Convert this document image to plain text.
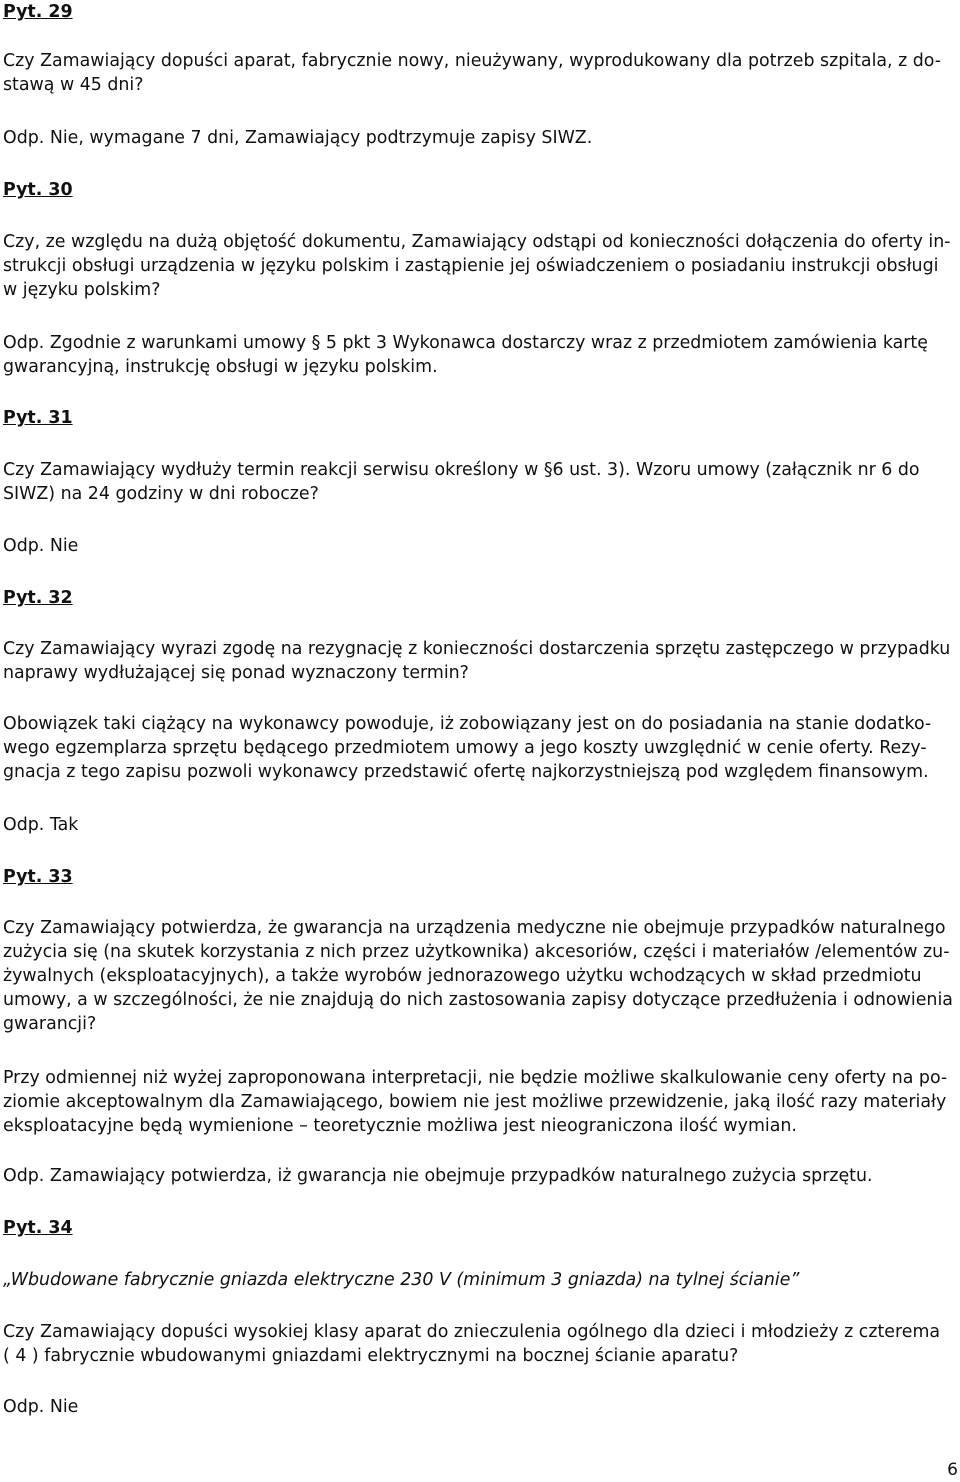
Pyt. 29
Czy Zamawiający dopuści aparat, fabrycznie nowy, nieużywany, wyprodukowany dla potrzeb szpitala, z do-
stawą w 45 dni?
Odp. Nie, wymagane 7 dni, Zamawiający podtrzymuje zapisy SIWZ.
Pyt. 30
Czy, ze względu na dużą objętość dokumentu, Zamawiający odstąpi od konieczności dołączenia do oferty in-
strukcji obsługi urządzenia w języku polskim i zastąpienie jej oświadczeniem o posiadaniu instrukcji obsługi
w języku polskim?
Odp. Zgodnie z warunkami umowy § 5 pkt 3 Wykonawca dostarczy wraz z przedmiotem zamówienia kartę
gwarancyjną, instrukcję obsługi w języku polskim.
Pyt. 31
Czy Zamawiający wydłuży termin reakcji serwisu określony w §6 ust. 3). Wzoru umowy (załącznik nr 6 do
SIWZ) na 24 godziny w dni robocze?
Odp. Nie
Pyt. 32
Czy Zamawiający wyrazi zgodę na rezygnację z konieczności dostarczenia sprzętu zastępczego w przypadku
naprawy wydłużającej się ponad wyznaczony termin?
Obowiązek taki ciążący na wykonawcy powoduje, iż zobowiązany jest on do posiadania na stanie dodatko-
wego egzemplarza sprzętu będącego przedmiotem umowy a jego koszty uwzględnić w cenie oferty. Rezy-
gnacja z tego zapisu pozwoli wykonawcy przedstawić ofertę najkorzystniejszą pod względem finansowym.
Odp. Tak
Pyt. 33
Czy Zamawiający potwierdza, że gwarancja na urządzenia medyczne nie obejmuje przypadków naturalnego
zużycia się (na skutek korzystania z nich przez użytkownika) akcesoriów, części i materiałów /elementów zu-
żywalnych (eksploatacyjnych), a także wyrobów jednorazowego użytku wchodzących w skład przedmiotu
umowy, a w szczególności, że nie znajdują do nich zastosowania zapisy dotyczące przedłużenia i odnowienia
gwarancji?
Przy odmiennej niż wyżej zaproponowana interpretacji, nie będzie możliwe skalkulowanie ceny oferty na po-
ziomie akceptowalnym dla Zamawiającego, bowiem nie jest możliwe przewidzenie, jaką ilość razy materiały
eksploatacyjne będą wymienione – teoretycznie możliwa jest nieograniczona ilość wymian.
Odp. Zamawiający potwierdza, iż gwarancja nie obejmuje przypadków naturalnego zużycia sprzętu.
Pyt. 34
„Wbudowane fabrycznie gniazda elektryczne 230 V (minimum 3 gniazda) na tylnej ścianie”
Czy Zamawiający dopuści wysokiej klasy aparat do znieczulenia ogólnego dla dzieci i młodzieży z czterema
( 4 ) fabrycznie wbudowanymi gniazdami elektrycznymi na bocznej ścianie aparatu?
Odp. Nie
6
